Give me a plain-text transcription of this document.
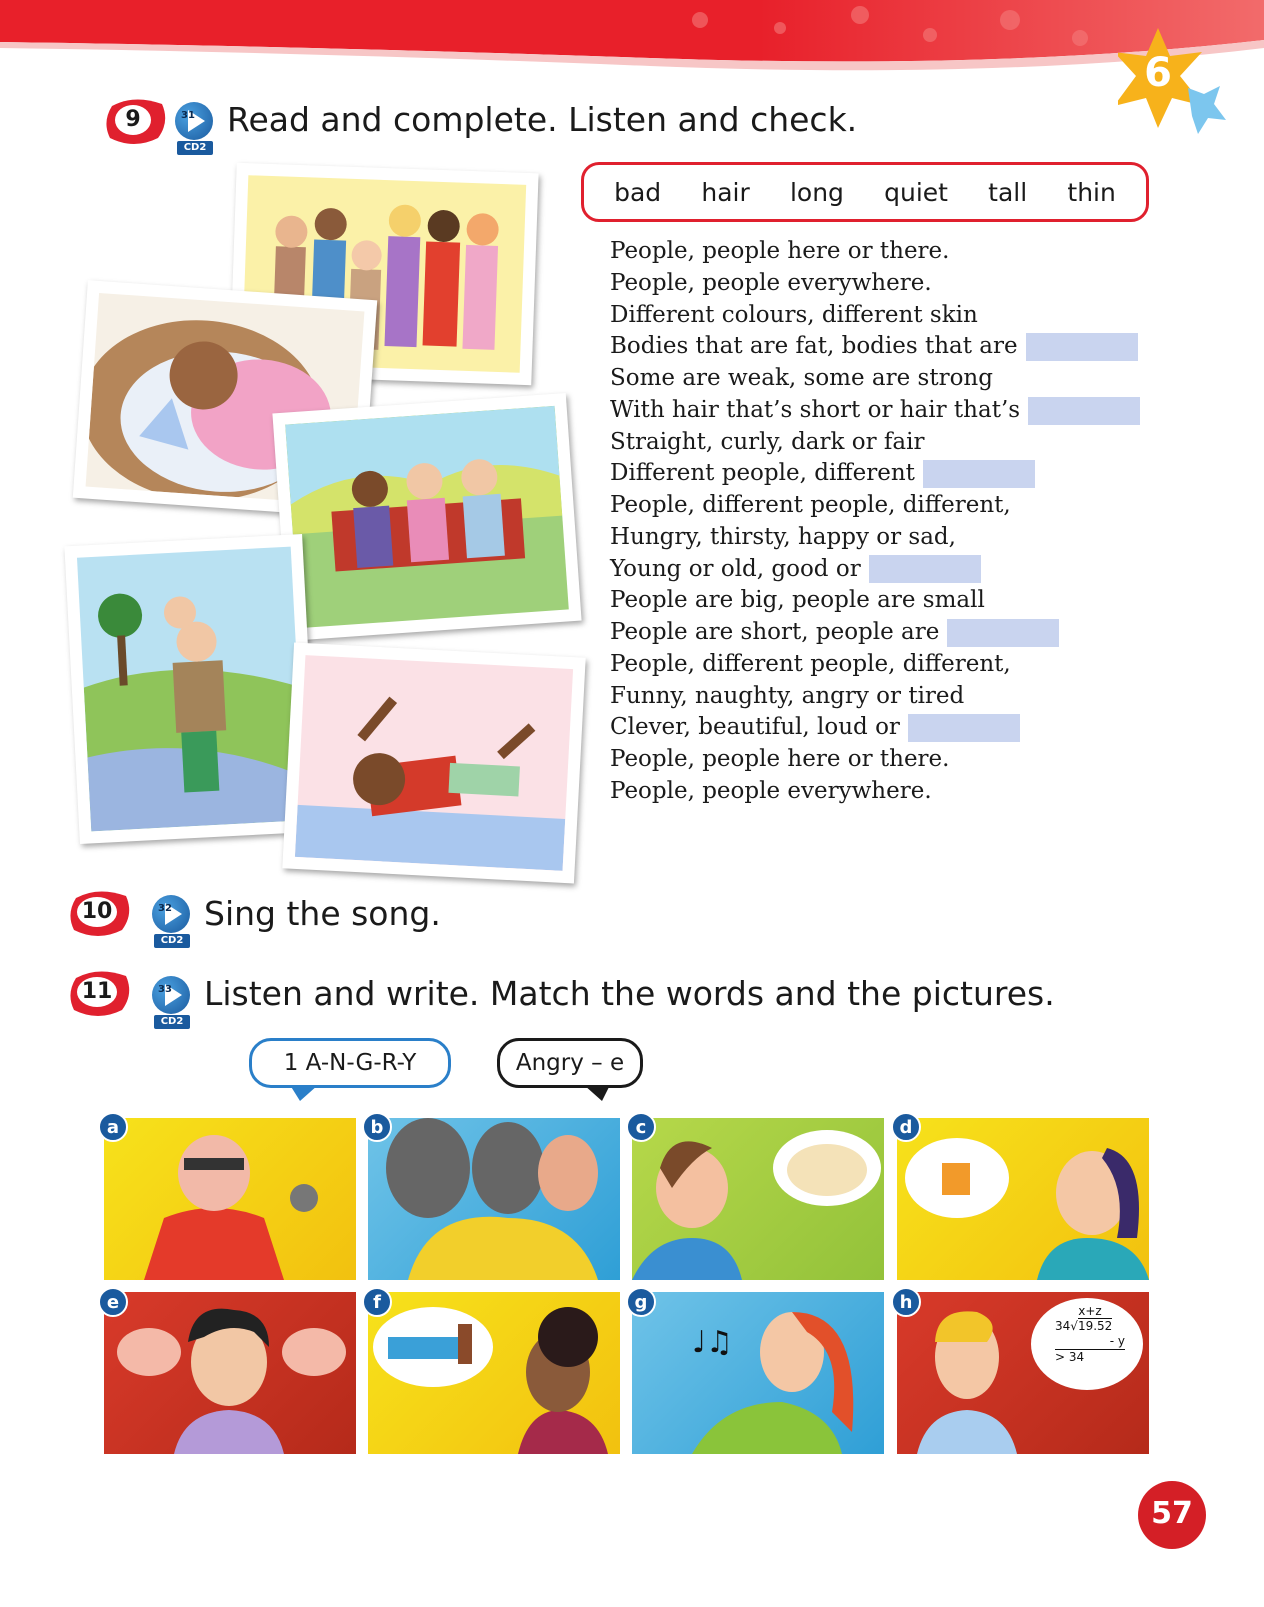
6
9	31
CD2
Read and complete. Listen and check.
bad hair long quiet tall thin
People, people here or there.
People, people everywhere.
Different colours, different skin
Bodies that are fat, bodies that are
Some are weak, some are strong
With hair that’s short or hair that’s
Straight, curly, dark or fair
Different people, different
People, different people, different,
Hungry, thirsty, happy or sad,
Young or old, good or
People are big, people are small
People are short, people are
People, different people, different,
Funny, naughty, angry or tired
Clever, beautiful, loud or
People, people here or there.
People, people everywhere.
10	32
CD2
Sing the song.
11	33
CD2
Listen and write. Match the words and the pictures.
1 A-N-G-R-Y	Angry – e
♩♫
x+z
34√19.52
- y
> 34
a	b	c	d
e	f	g	h
57
